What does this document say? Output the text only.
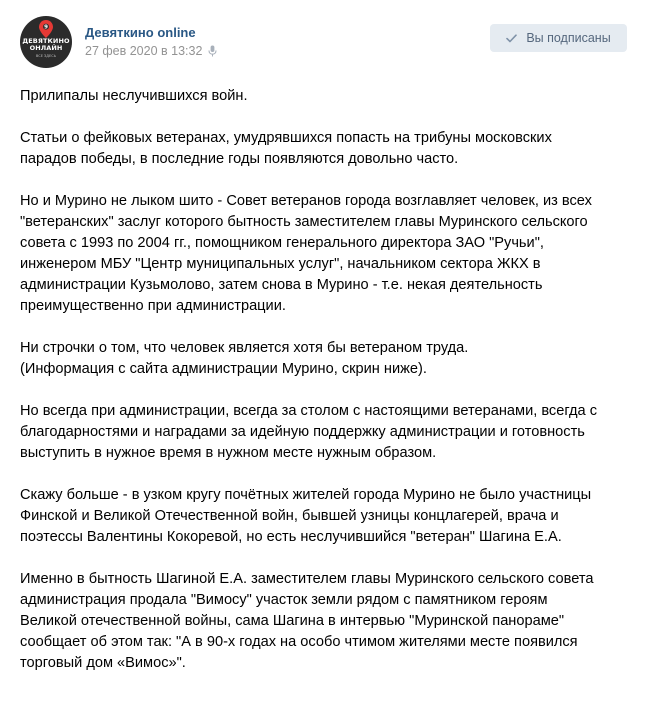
9
ДЕВЯТКИНО
ОНЛАЙН
ВСЕ ЗДЕСЬ
Девяткино online
27 фев 2020 в 13:32
Вы подписаны

Прилипалы неслучившихся войн.

Статьи о фейковых ветеранах, умудрявшихся попасть на трибуны московских
парадов победы, в последние годы появляются довольно часто.

Но и Мурино не лыком шито - Совет ветеранов города возглавляет человек, из всех
"ветеранских" заслуг которого бытность заместителем главы Муринского сельского
совета с 1993 по 2004 гг., помощником генерального директора ЗАО "Ручьи",
инженером МБУ "Центр муниципальных услуг", начальником сектора ЖКХ в
администрации Кузьмолово, затем снова в Мурино - т.е. некая деятельность
преимущественно при администрации.

Ни строчки о том, что человек является хотя бы ветераном труда.
(Информация с сайта администрации Мурино, скрин ниже).

Но всегда при администрации, всегда за столом с настоящими ветеранами, всегда с
благодарностями и наградами за идейную поддержку администрации и готовность
выступить в нужное время в нужном месте нужным образом.

Скажу больше - в узком кругу почётных жителей города Мурино не было участницы
Финской и Великой Отечественной войн, бывшей узницы концлагерей, врача и
поэтессы Валентины Кокоревой, но есть неслучившийся "ветеран" Шагина Е.А.

Именно в бытность Шагиной Е.А. заместителем главы Муринского сельского совета
администрация продала "Вимосу" участок земли рядом с памятником героям
Великой отечественной войны, сама Шагина в интервью "Муринской панораме"
сообщает об этом так: "А в 90-х годах на особо чтимом жителями месте появился
торговый дом «Вимос»".
